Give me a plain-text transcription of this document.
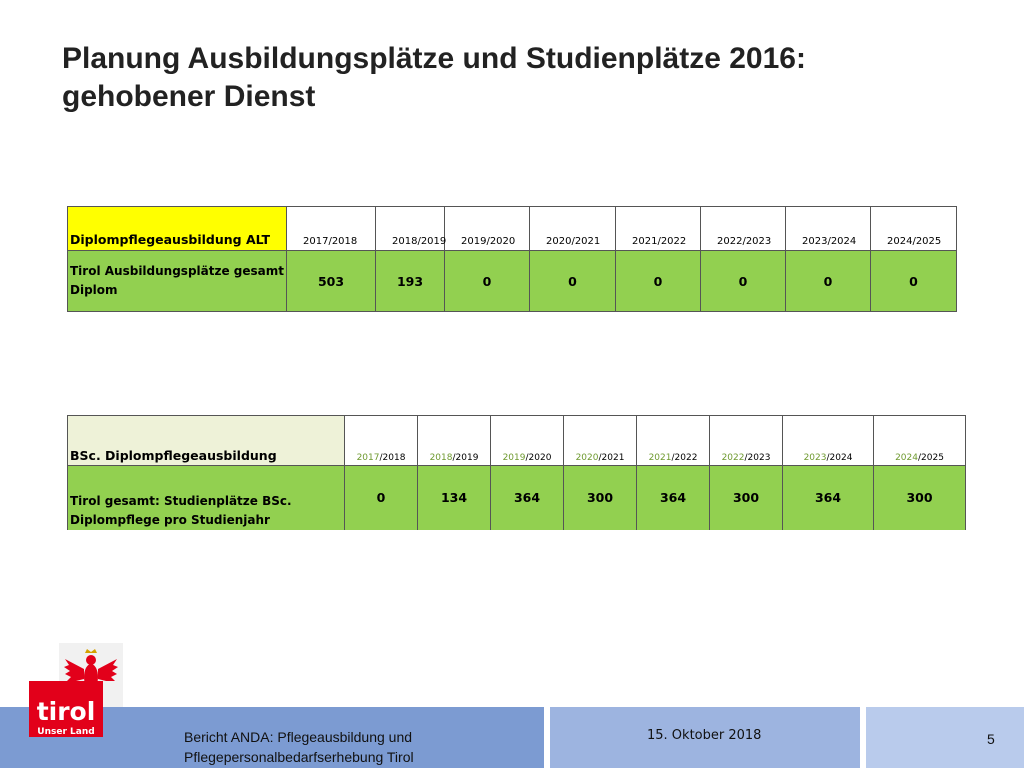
Planung Ausbildungsplätze und Studienplätze 2016:
gehobener Dienst
Diplompflegeausbildung ALT	2017/2018	2018/2019	2019/2020	2020/2021	2021/2022	2022/2023	2023/2024	2024/2025

Tirol Ausbildungsplätze gesamt
Diplom	503	193	0	0	0	0	0	0
BSc. Diplompflegeausbildung	2017/2018	2018/2019	2019/2020	2020/2021	2021/2022	2022/2023	2023/2024	2024/2025

Tirol gesamt: Studienplätze BSc.
Diplompflege pro Studienjahr	0	134	364	300	364	300	364	300
Bericht ANDA: Pflegeausbildung und
Pflegepersonalbedarfserhebung Tirol
15. Oktober 2018	5
tirol
Unser Land
